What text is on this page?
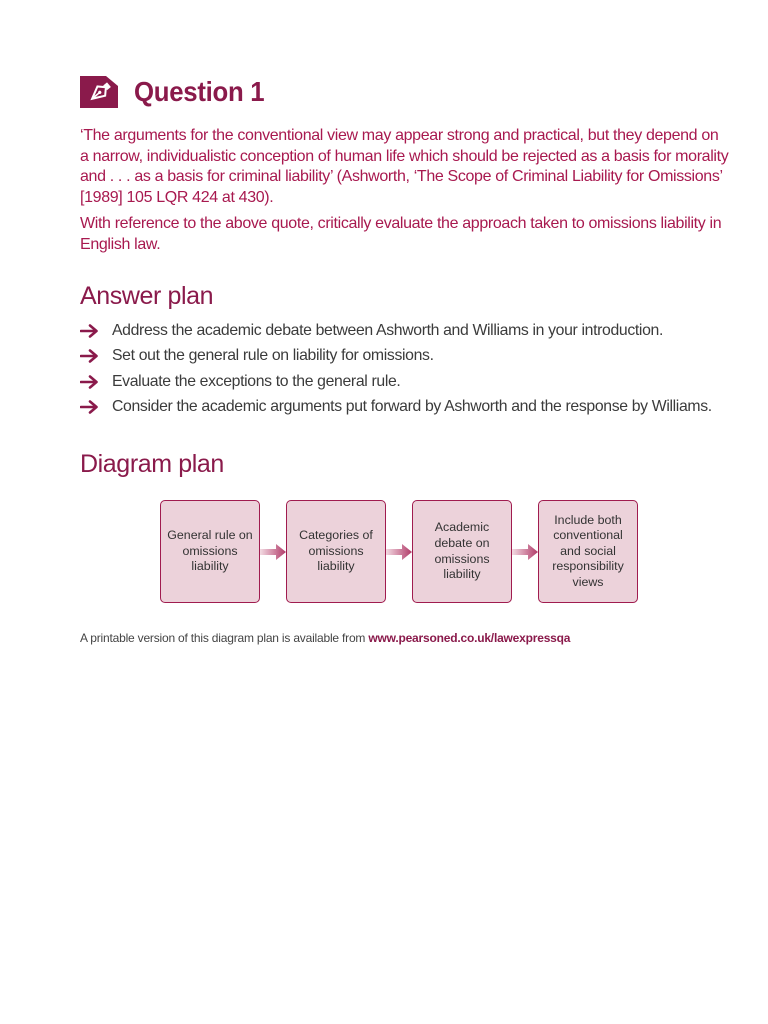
Question 1

‘The arguments for the conventional view may appear strong and practical, but they depend on a narrow, individualistic conception of human life which should be rejected as a basis for morality and . . . as a basis for criminal liability’ (Ashworth, ‘The Scope of Criminal Liability for Omissions’ [1989] 105 LQR 424 at 430).

With reference to the above quote, critically evaluate the approach taken to omissions liability in English law.

Answer plan
Address the academic debate between Ashworth and Williams in your introduction.
Set out the general rule on liability for omissions.
Evaluate the exceptions to the general rule.
Consider the academic arguments put forward by Ashworth and the response by Williams.
Diagram plan
General rule on omissions liability
Categories of omissions liability
Academic debate on omissions liability
Include both conventional and social responsibility views
A printable version of this diagram plan is available from www.pearsoned.co.uk/lawexpressqa
